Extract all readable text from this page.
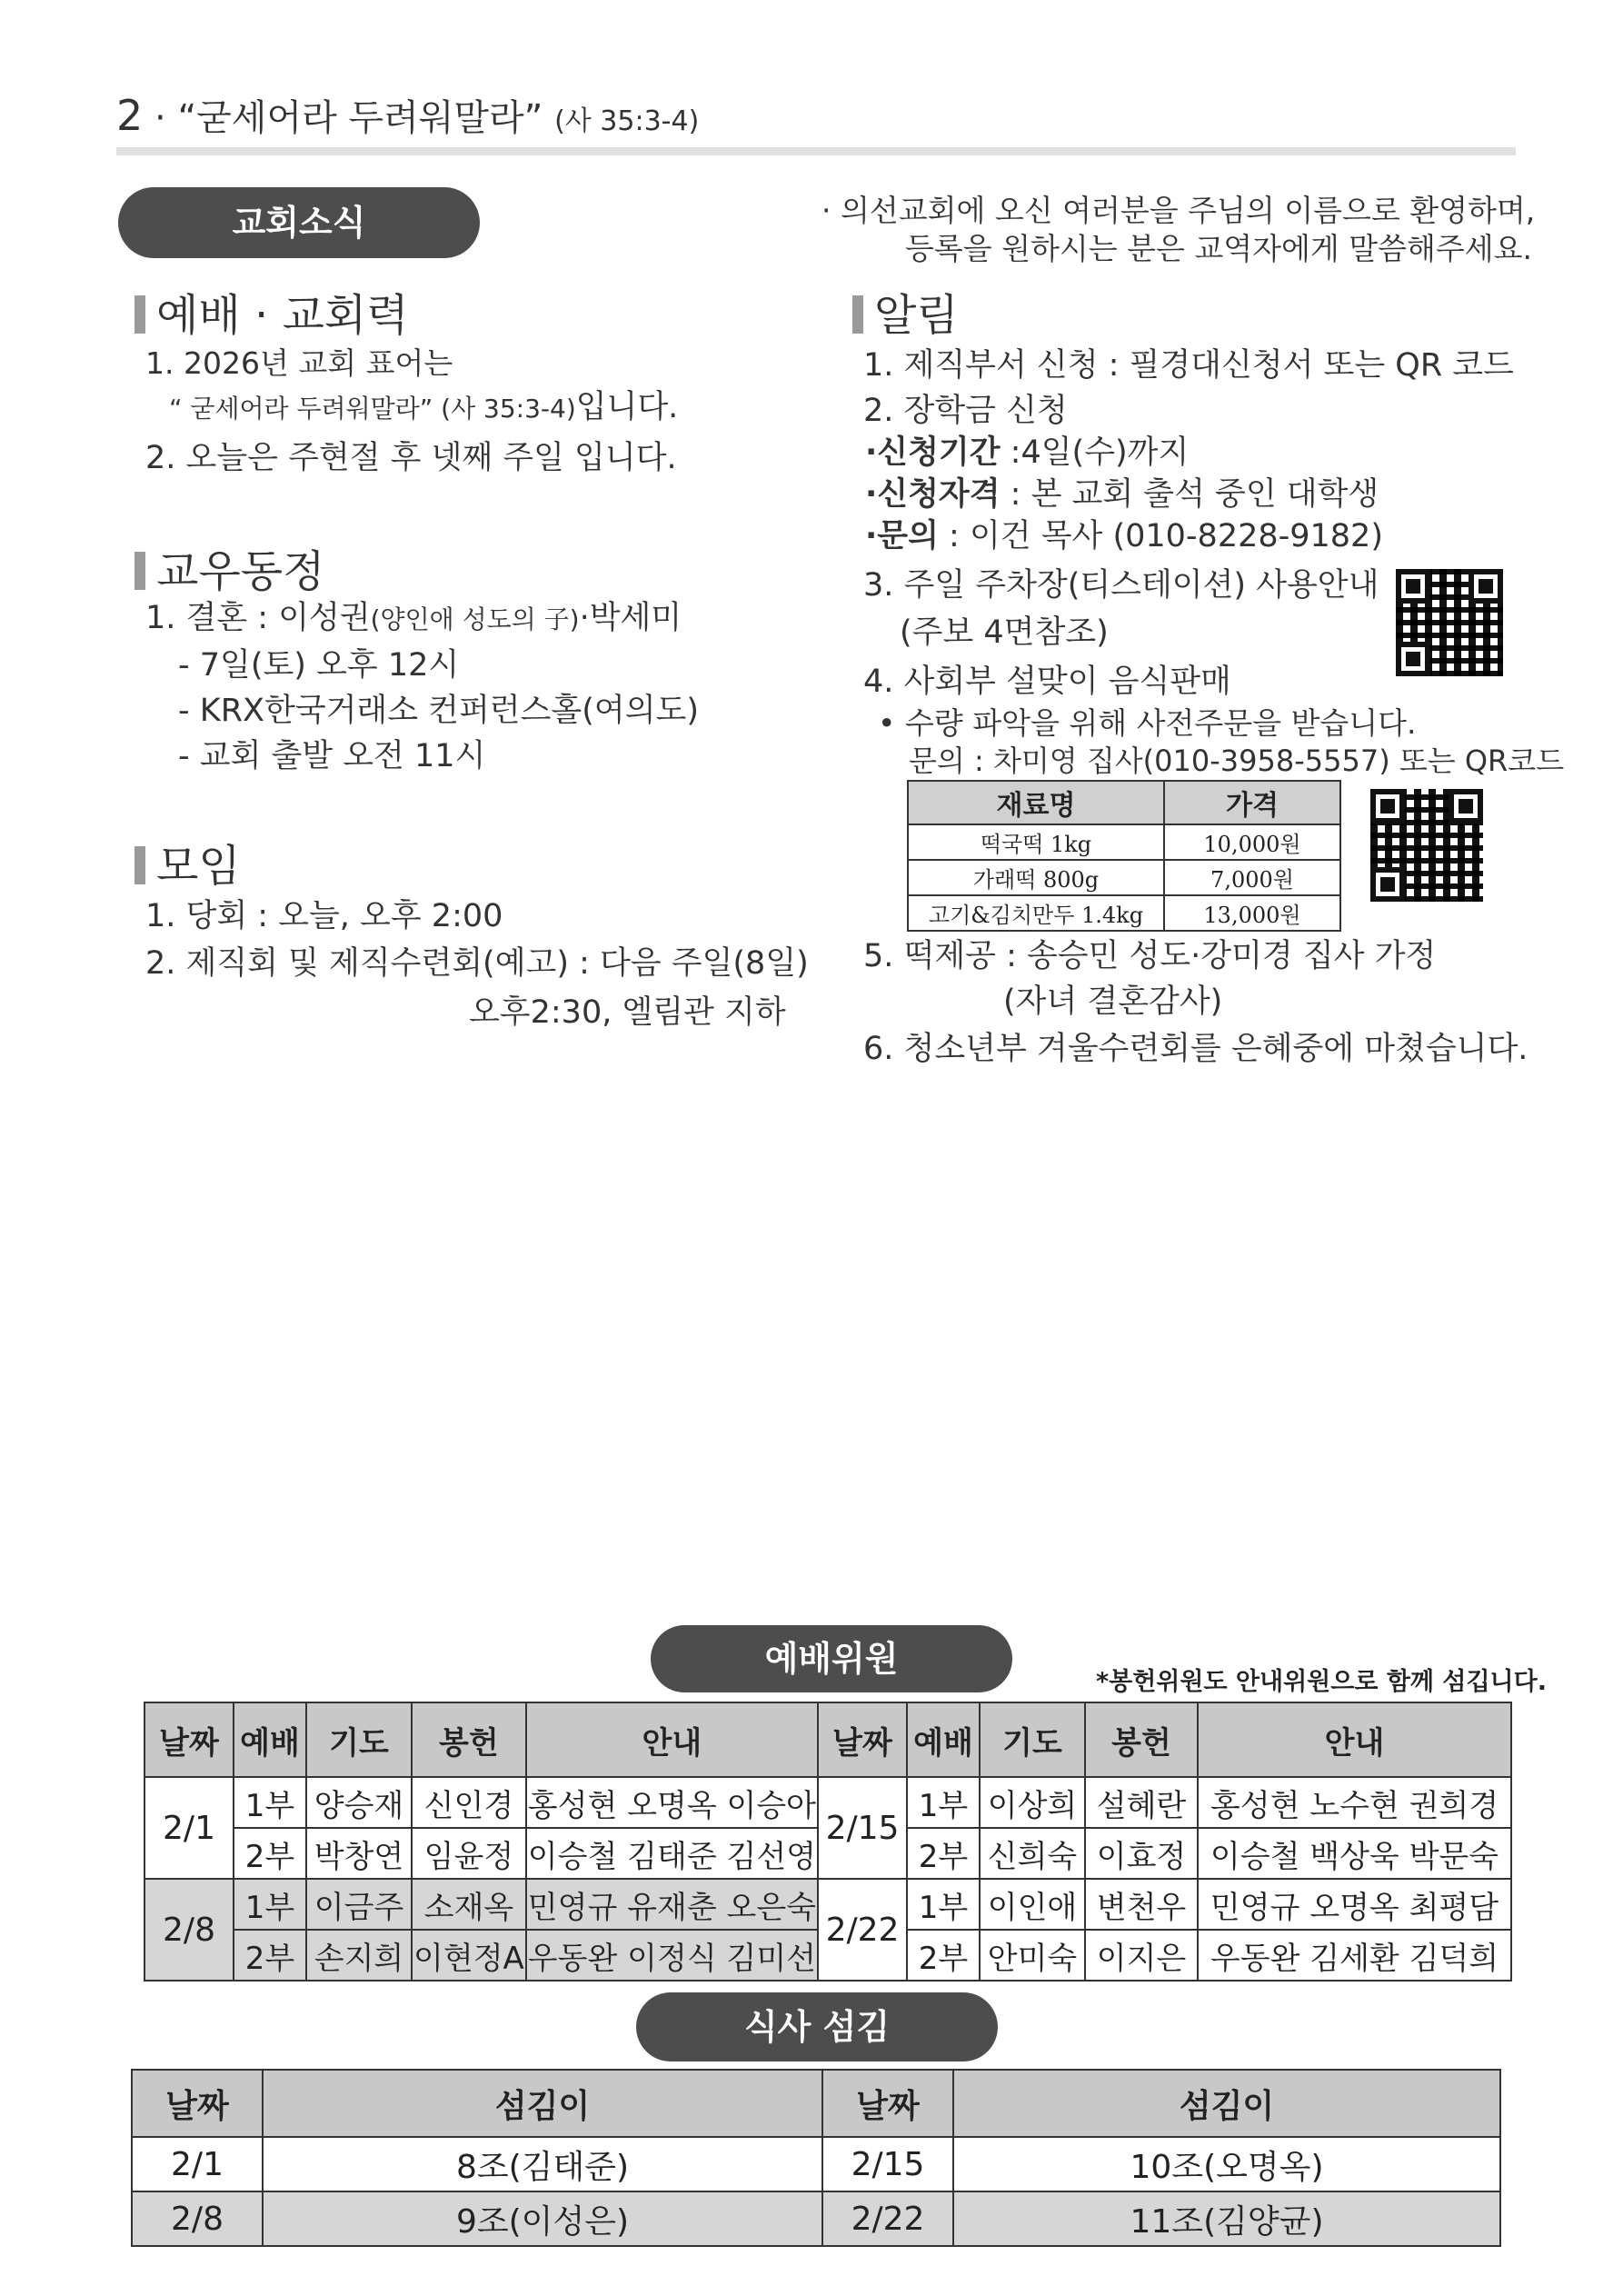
2 · “굳세어라 두려워말라” (사 35:3-4)
교회소식
예배 · 교회력
1. 2026년 교회 표어는
“ 굳세어라 두려워말라” (사 35:3-4)입니다.
2. 오늘은 주현절 후 넷째 주일 입니다.
교우동정
1. 결혼 : 이성권(양인애 성도의 子)·박세미
- 7일(토) 오후 12시
- KRX한국거래소 컨퍼런스홀(여의도)
- 교회 출발 오전 11시
모임
1. 당회 : 오늘, 오후 2:00
2. 제직회 및 제직수련회(예고) : 다음 주일(8일)
오후2:30, 엘림관 지하
· 의선교회에 오신 여러분을 주님의 이름으로 환영하며,
등록을 원하시는 분은 교역자에게 말씀해주세요.
알림
1. 제직부서 신청 : 필경대신청서 또는 QR 코드
2. 장학금 신청
·신청기간 :4일(수)까지
·신청자격 : 본 교회 출석 중인 대학생
·문의 : 이건 목사 (010-8228-9182)
3. 주일 주차장(티스테이션) 사용안내
(주보 4면참조)
4. 사회부 설맞이 음식판매
• 수량 파악을 위해 사전주문을 받습니다.
문의 : 차미영 집사(010-3958-5557) 또는 QR코드
재료명	가격
떡국떡 1kg	10,000원
가래떡 800g	7,000원
고기&김치만두 1.4kg	13,000원
5. 떡제공 : 송승민 성도·강미경 집사 가정
(자녀 결혼감사)
6. 청소년부 겨울수련회를 은혜중에 마쳤습니다.
예배위원
*봉헌위원도 안내위원으로 함께 섬깁니다.
날짜	예배	기도	봉헌	안내	날짜	예배	기도	봉헌	안내
2/1	1부	양승재	신인경	홍성현 오명옥 이승아	2/15	1부	이상희	설혜란	홍성현 노수현 권희경
	2부	박창연	임윤정	이승철 김태준 김선영		2부	신희숙	이효정	이승철 백상욱 박문숙
2/8	1부	이금주	소재옥	민영규 유재춘 오은숙	2/22	1부	이인애	변천우	민영규 오명옥 최평담
	2부	손지희	이현정A	우동완 이정식 김미선		2부	안미숙	이지은	우동완 김세환 김덕희
식사 섬김
날짜	섬김이	날짜	섬김이
2/1	8조(김태준)	2/15	10조(오명옥)
2/8	9조(이성은)	2/22	11조(김양균)
